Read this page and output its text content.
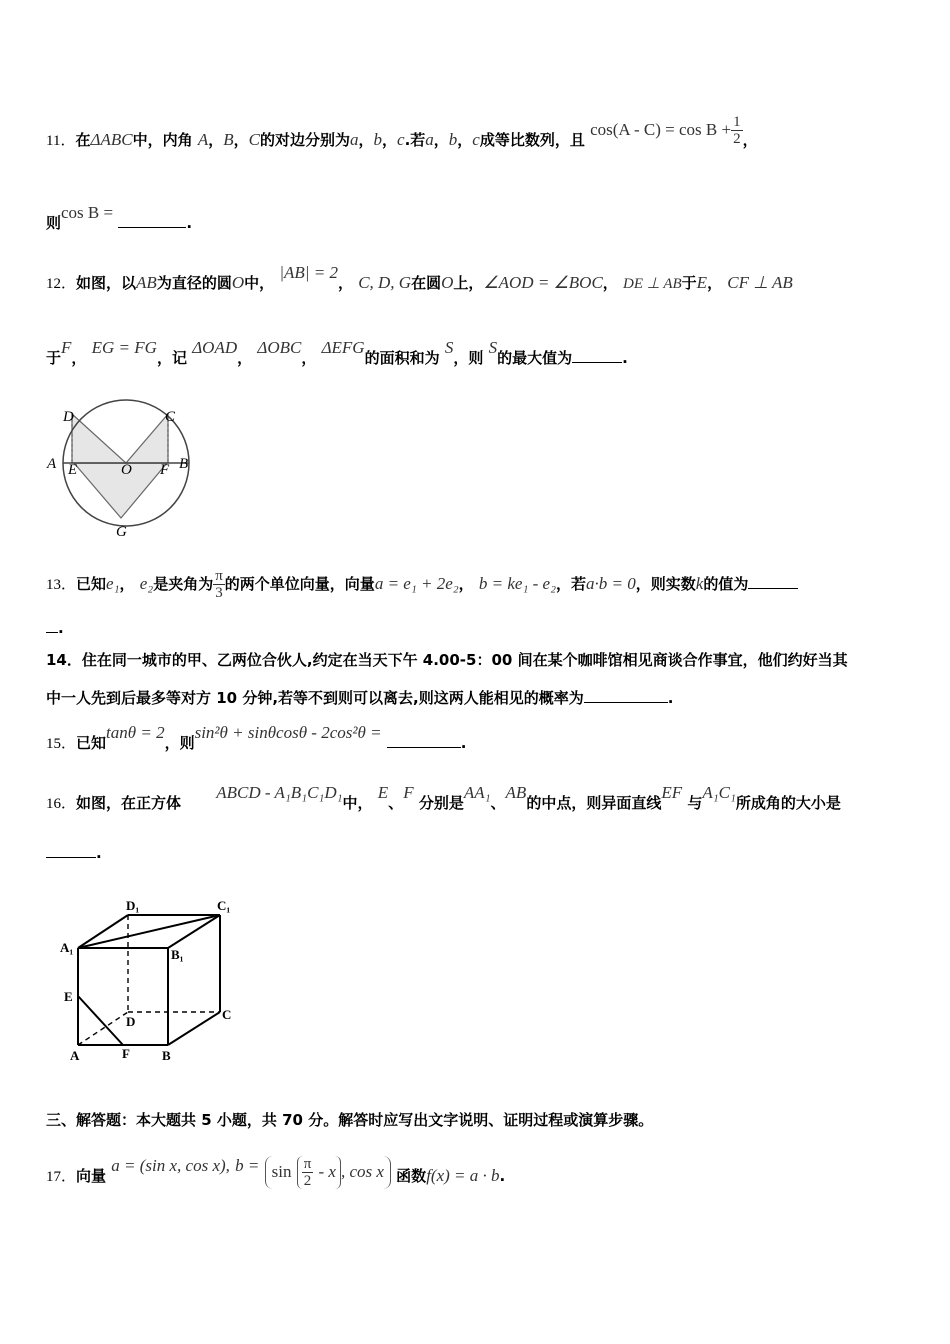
11．在ΔABC中，内角 A，B，C的对边分别为a，b，c.若a，b，c成等比数列，且 $\cos(A - C) = \cos B + \frac{1}{2}$ ，
则cos B = .
12．如图，以AB为直径的圆O中， |AB| = 2， C, D, G在圆O上，∠AOD = ∠BOC， DE ⊥ AB于E， CF ⊥ AB
于F， EG = FG，记 ΔOAD， ΔOBC， ΔEFG的面积和为 S，则 S的最大值为	.
D	C
A E	O F B
G
13．已知e₁， e₂是夹角为 $\frac{\pi}{3}$ 的两个单位向量，向量a = e₁ + 2e₂， b = ke₁ - e₂，若a·b = 0，则实数k的值为
.
14．住在同一城市的甲、乙两位合伙人,约定在当天下午 4.00-5：00 间在某个咖啡馆相见商谈合作事宜，他们约好当其
中一人先到后最多等对方 10 分钟,若等不到则可以离去,则这两人能相见的概率为	.
15．已知tanθ = 2，则sin²θ + sinθcosθ - 2cos²θ = .
16．如图，在正方体 ABCD - A₁B₁C₁D₁中， E、F 分别是AA₁、AB的中点，则异面直线EF 与A₁C₁所成角的大小是
.
D₁	C₁
A₁	B₁
E
D	C
A	F B
三、解答题：本大题共 5 小题，共 70 分。解答时应写出文字说明、证明过程或演算步骤。
17．向量 a = (sin x, cos x), $b = \sin \frac{\pi}{2} - x$ , cos x 函数f(x) = a · b.
